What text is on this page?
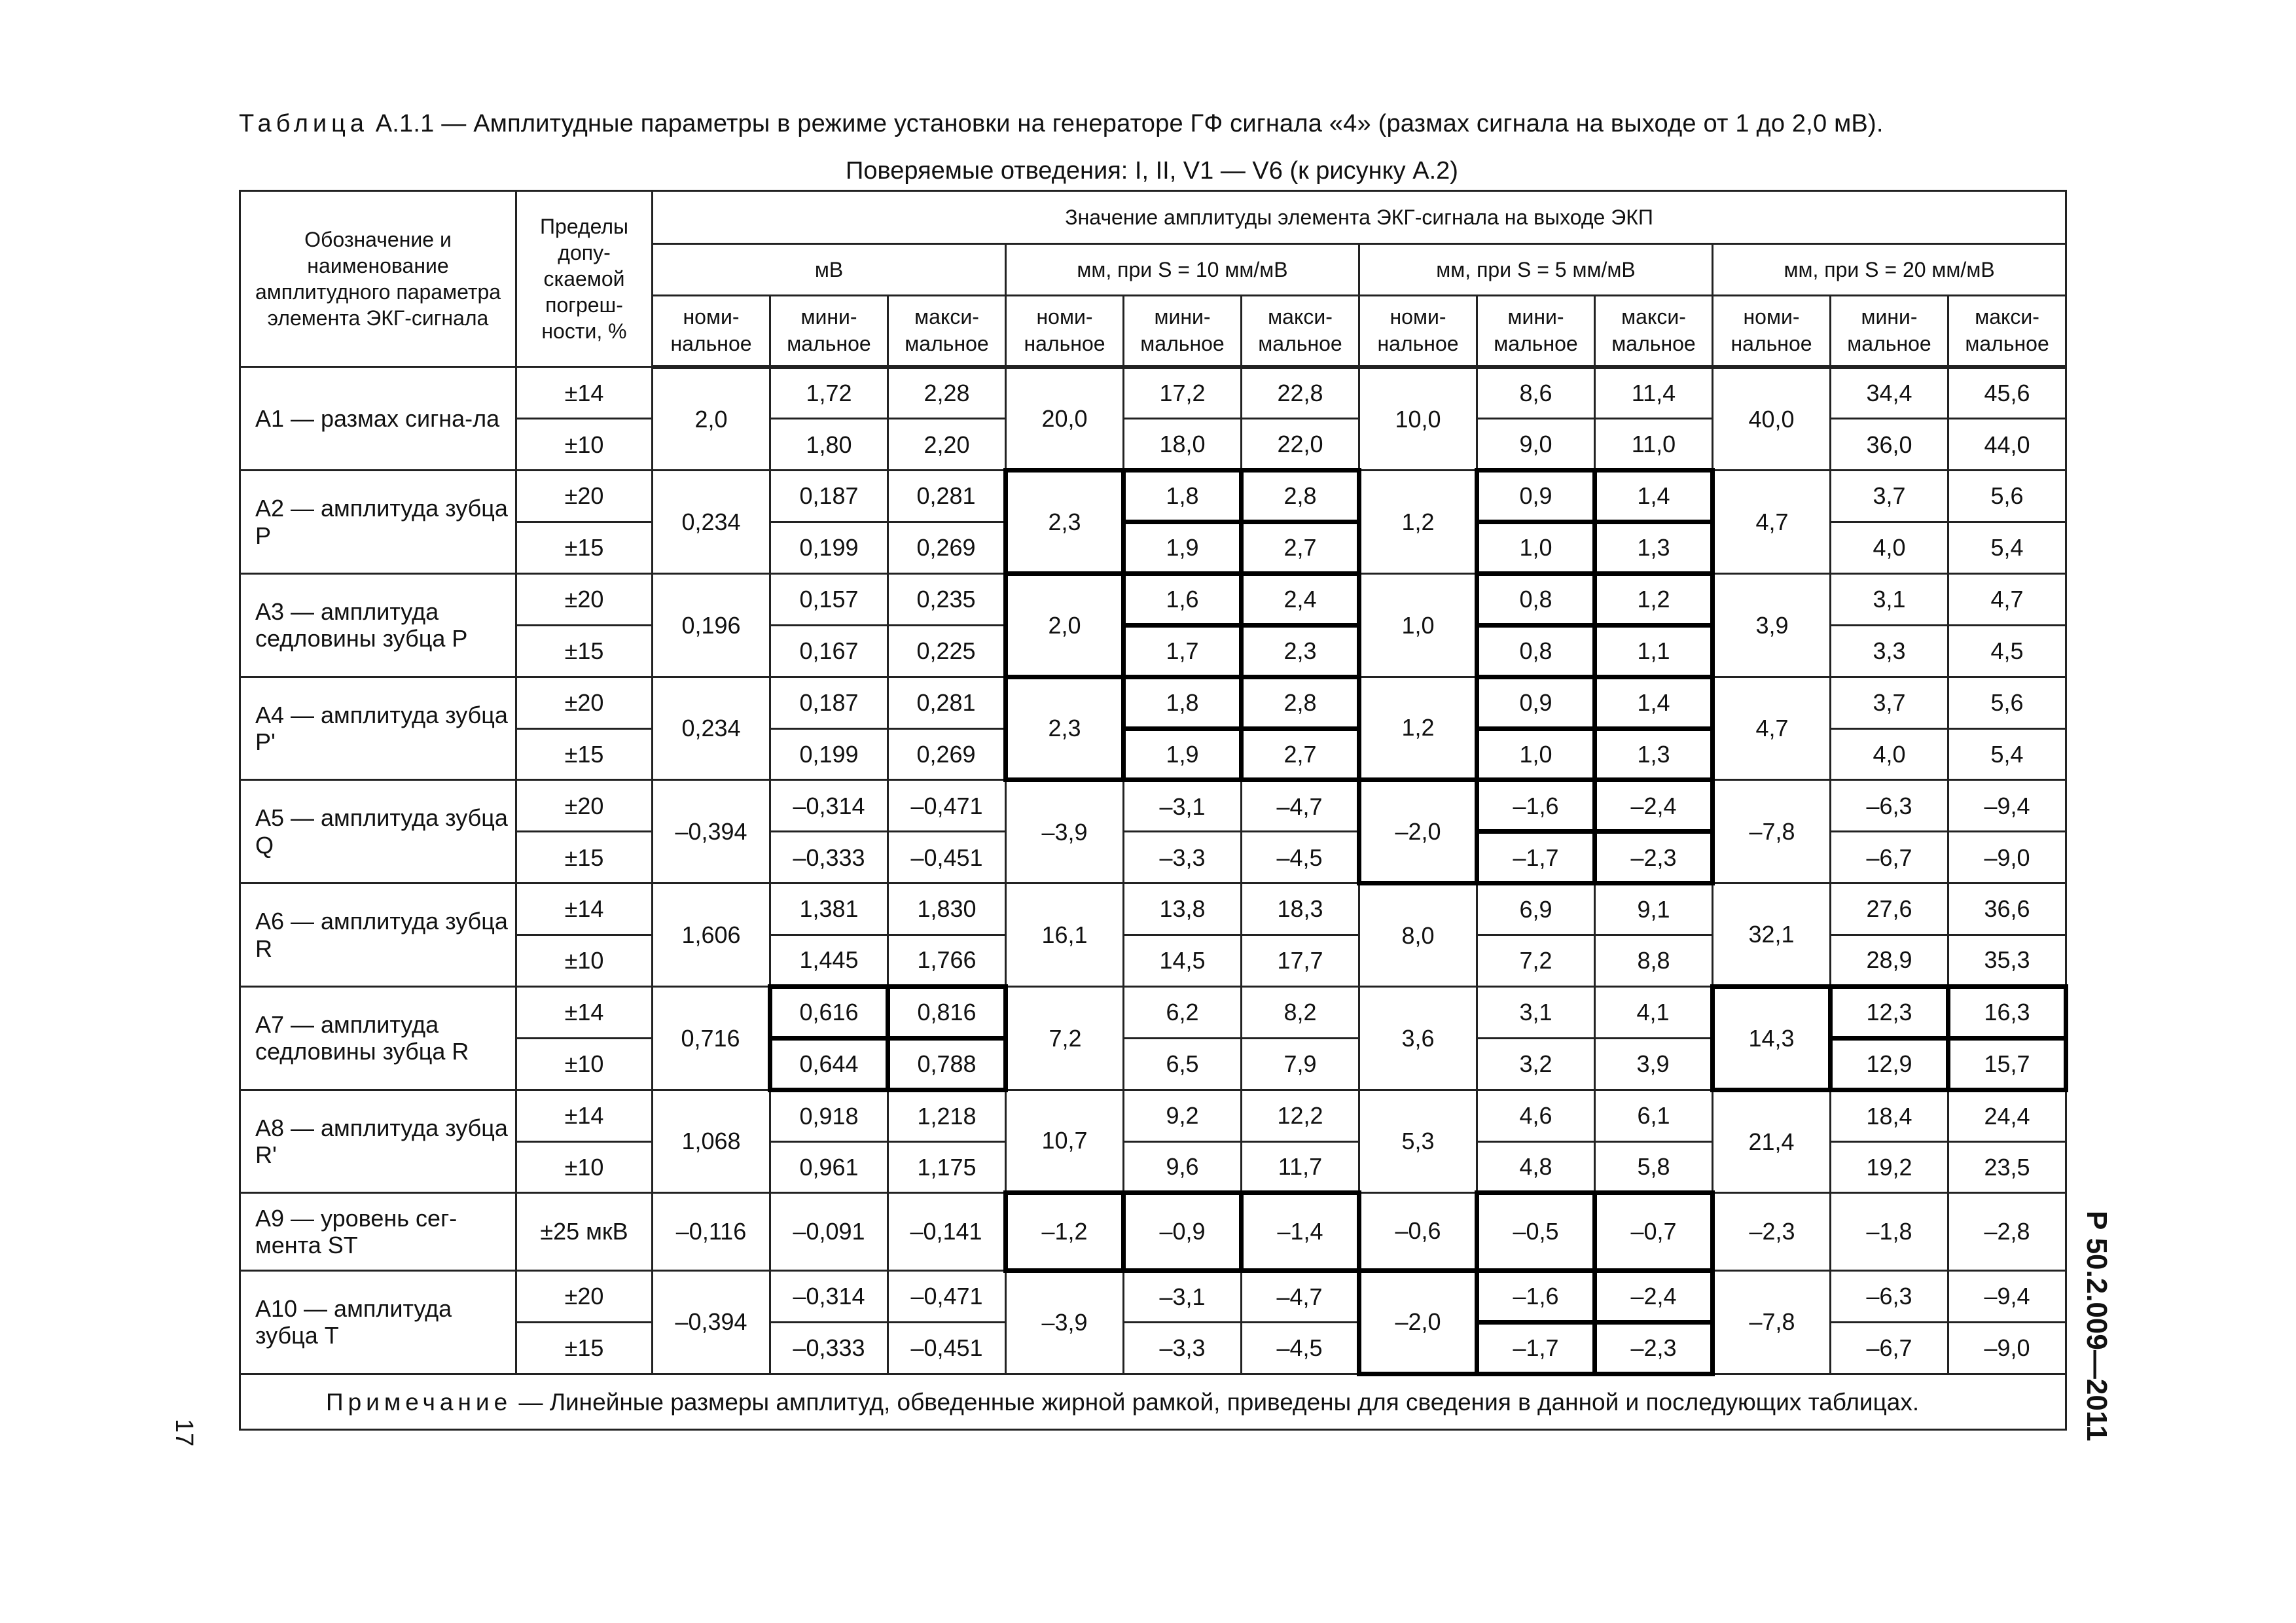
Таблица А.1.1 — Амплитудные параметры в режиме установки на генераторе ГФ сигнала «4» (размах сигнала на выходе от 1 до 2,0 мВ).
Поверяемые отведения: I, II, V1 — V6 (к рисунку А.2)
Обозначение и наименование амплитудного параметра элемента ЭКГ-сигнала	Пределы допу-скаемой погреш-ности, %	Значение амплитуды элемента ЭКГ-сигнала на выходе ЭКП											
		мВ			мм, при S = 10 мм/мВ			мм, при S = 5 мм/мВ			мм, при S = 20 мм/мВ		
		номи-нальное	мини-мальное	макси-мальное	номи-нальное	мини-мальное	макси-мальное	номи-нальное	мини-мальное	макси-мальное	номи-нальное	мини-мальное	макси-мальное
А1 — размах сигна-ла	±14	2,0	1,72	2,28	20,0	17,2	22,8	10,0	8,6	11,4	40,0	34,4	45,6
	±10		1,80	2,20		18,0	22,0		9,0	11,0		36,0	44,0
А2 — амплитуда зубца P	±20	0,234	0,187	0,281	2,3	1,8	2,8	1,2	0,9	1,4	4,7	3,7	5,6
	±15		0,199	0,269		1,9	2,7		1,0	1,3		4,0	5,4
А3 — амплитуда седловины зубца P	±20	0,196	0,157	0,235	2,0	1,6	2,4	1,0	0,8	1,2	3,9	3,1	4,7
	±15		0,167	0,225		1,7	2,3		0,8	1,1		3,3	4,5
А4 — амплитуда зубца P'	±20	0,234	0,187	0,281	2,3	1,8	2,8	1,2	0,9	1,4	4,7	3,7	5,6
	±15		0,199	0,269		1,9	2,7		1,0	1,3		4,0	5,4
А5 — амплитуда зубца Q	±20	–0,394	–0,314	–0,471	–3,9	–3,1	–4,7	–2,0	–1,6	–2,4	–7,8	–6,3	–9,4
	±15		–0,333	–0,451		–3,3	–4,5		–1,7	–2,3		–6,7	–9,0
А6 — амплитуда зубца R	±14	1,606	1,381	1,830	16,1	13,8	18,3	8,0	6,9	9,1	32,1	27,6	36,6
	±10		1,445	1,766		14,5	17,7		7,2	8,8		28,9	35,3
А7 — амплитуда седловины зубца R	±14	0,716	0,616	0,816	7,2	6,2	8,2	3,6	3,1	4,1	14,3	12,3	16,3
	±10		0,644	0,788		6,5	7,9		3,2	3,9		12,9	15,7
А8 — амплитуда зубца R'	±14	1,068	0,918	1,218	10,7	9,2	12,2	5,3	4,6	6,1	21,4	18,4	24,4
	±10		0,961	1,175		9,6	11,7		4,8	5,8		19,2	23,5
А9 — уровень сег-мента ST	±25 мкВ	–0,116	–0,091	–0,141	–1,2	–0,9	–1,4	–0,6	–0,5	–0,7	–2,3	–1,8	–2,8
А10 — амплитуда зубца T	±20	–0,394	–0,314	–0,471	–3,9	–3,1	–4,7	–2,0	–1,6	–2,4	–7,8	–6,3	–9,4
	±15		–0,333	–0,451		–3,3	–4,5		–1,7	–2,3		–6,7	–9,0
Примечание — Линейные размеры амплитуд, обведенные жирной рамкой, приведены для сведения в данной и последующих таблицах.														Р 50.2.009—2011
17
